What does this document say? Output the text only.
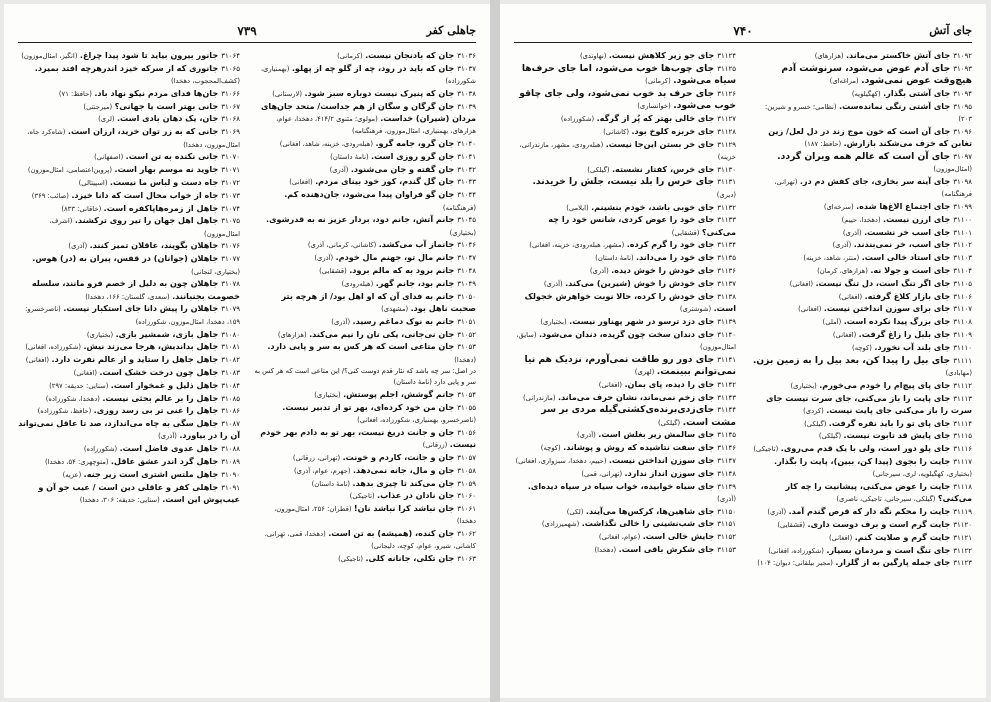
جاهلی کفر
۷۳۹

۳۱۰۳۶جان که بادنجان نیست. (کرمانی)

۳۱۰۳۷جان که باید در رود، چه از گلو چه از پهلو. (بهمنیاری، شکورزاده)

۳۱۰۳۸جان که پنیرک نیست دوباره سبز شود. (لارستانی)

۳۱۰۳۹جان گرگان و سگان از هم جداست/ متحد جان‌های مردان (شیران) خداست. (مولوی؛ مثنوی ۴۱۴/۲، دهخدا، عوام، هزارهای، بهمنیاری، امثال‌موزون، فرهنگنامه)

۳۱۰۴۰جان گرو، جامه گرو. (هبله‌رودی، خزینه، شاهد، افغانی)

۳۱۰۴۱جان گرو روزی است. (نامهٔ داستان)

۳۱۰۴۲جان گفته و جان می‌شنود. (آذری)

۳۱۰۴۳جان گل گندم، کور خود بینای مردم. (افغانی)

۳۱۰۴۴جان گو فراوان پیدا می‌شود، جان‌دهنده کم. (فرهنگنامه)

۳۱۰۴۵جانم آتش، جانم دود، بردار عزیز نه به قدرشوی. (بختیاری)

۳۱۰۴۶جانماز آب می‌کشد. (کاشانی، کرمانی، آذری)

۳۱۰۴۷جانم مال تو، جهنم مال خودم. (آذری)

۳۱۰۴۸جانم برود به که مالم برود. (قشقایی)

۳۱۰۴۹جانم بود، جانم گهر. (هبله‌رودی)

۳۱۰۵۰جانم به فدای آن که او اهل بود/ از هرچه بتر صحبت ناهل بود. (مشهدی)

۳۱۰۵۱جانم به نوک دماغم رسید. (آذری)

۳۱۰۵۲جان نی‌جانی، یکی نان را نیم می‌کند. (هزارهای)

۳۱۰۵۳جان متاعی است که هر کس به سر و پایی دارد. (دهخدا)

در اصل: سر چه باشد که نثار قدم دوست کنی؟/ این متاعی است که هر کس به سر و پایی دارد (نامهٔ داستان)

۳۱۰۵۴جانم گوشش، اجلم پوستش. (بختیاری)

۳۱۰۵۵جان من خود کرده‌ای، بهر تو از تدبیر نیست. (ناصرخسرو، بهمنیاری، شکورزاده، افغانی)

۳۱۰۵۶جان و جانت دریغ نیست، بهر تو به دادم بهر خودم نیست. (زرقانی)

۳۱۰۵۷جان و جانت، کاردم و خونت. (تهرانی، زرقانی)

۳۱۰۵۸جان و مال، جانه نمی‌دهد. (جهرم، عوام، آذری)

۳۱۰۵۹جان می‌کند تا چیزی بدهد. (نامهٔ داستان)

۳۱۰۶۰جان نادان در عذاب. (تاجیکی)

۳۱۰۶۱جان نباشد کرا نباشد نان! (قطران: ۲۵۶، امثال‌موزون، دهخدا)

۳۱۰۶۲جان کنده، (همیشه) به تن است. (دهخدا، قمی، تهرانی، کاشانی، شیرو، عوام، کوچه، دلیجانی)

۳۱۰۶۳جان تکلی، جانانه کلی. (تاجیکی)

۳۱۰۶۴جانور بیرون بیاید تا شود پیدا چراغ. (انگیز، امثال‌موزون)

۳۱۰۶۵جانوری که از سرکه خیزد اندرهرچه افتد بمیرد. (کشف‌المحجوب، دهخدا)

۳۱۰۶۶جان‌ها فدای مردم نیکو نهاد باد. (حافظ: ۷۱)

۳۱۰۶۷جانی بهتر است یا جهانی؟ (میرجنتی)

۳۱۰۶۸جان، یک دهان بادی است. (لری)

۳۱۰۶۹جانی که به زر توان خرید، ارزان است. (شاه‌کرد جاه، امثال‌موزون، دهخدا)

۳۱۰۷۰جانی نکنده به تن است. (اصفهانی)

۳۱۰۷۱جاوید نه موسم بهار است. (پروین‌اعتصامی، امثال‌موزون)

۳۱۰۷۲جاه دست و لباس ما نیست. (اسپیتالی)

۳۱۰۷۳جاه از خواب محال است که دانا خیزد. (صائب: ۳۶۹)

۳۱۰۷۴جاهل از زمره‌ها‌پاکفره است. (خاقانی: ۸۳۳)

۳۱۰۷۵جاهل اهل جهان را تیر روی ترکشند. (اشرف، امثال‌موزون)

۳۱۰۷۶جاهلان بگویند، عاقلان تمیز کنند. (آذری)

۳۱۰۷۷جاهلان (جوانان) در قفس، پیران به (در) هوس. (بختیاری، لنجانی)

۳۱۰۷۸جاهلان چون به دلیل از خصم فرو مانند، سلسله خصومت بجنبانند. (سعدی، گلستان: ۱۶۶، دهخدا)

۳۱۰۷۹جاهلان را پیش دانا جای استکبار نیست. (ناصرخسرو: ۱۵۹، دهخدا، امثال‌موزون، شکورزاده)

۳۱۰۸۰جاهل بازی، شمشیر بازی. (بختیاری)

۳۱۰۸۱جاهل بدانديش، هرجا می‌زند نیش. (شکورزاده، افغانی)

۳۱۰۸۲جاهل جاهل را ستاید و از عالم نفرت دارد. (افغانی)

۳۱۰۸۳جاهل چون درخت خشک است. (افغانی)

۳۱۰۸۴جاهل ذلیل و غمخوار است. (سنایی: حدیقه: ۲۹۷)

۳۱۰۸۵جاهل را بر عالم بحثی نیست. (دهخدا، شکورزاده)

۳۱۰۸۶جاهل را غنی تر بی رسد روزی. (حافظ، شکورزاده)

۳۱۰۸۷جاهل سگی به چاه می‌اندازد، صد تا عاقل نمی‌تواند آن را در بیاورد. (آذری)

۳۱۰۸۸جاهل عدوی فاضل است. (شکورزاده)

۳۱۰۸۹جاهل گرد اندر عشق عاقل. (منوچهری: ۵۴، دهخدا)

۳۱۰۹۰جاهل ملتس اشتری است زیر جنه. (عزیه)

۳۱۰۹۱جاهلی کفر و عاقلی دین است / عیب جو آن و عیب‌پوش این است. (سنایی: حدیقه: ۳۰۶، دهخدا)

جای آتش
۷۴۰

۳۱۰۹۲جای آتش خاکستر می‌ماند. (هزارهای)

۳۱۰۹۳جای آدم عوض می‌شود، سرنوشت آدم هیچ‌وقت عوض نمی‌شود. (مراغه‌ای)

۳۱۰۹۴جای آشتی بگذار. (کهگیلویه)

۳۱۰۹۵جای آشتی رنگی نمانده‌ست. (نظامی؛ خسرو و شیرین: ۲۰۳)

۳۱۰۹۶جای آن است که خون موج زند در دل لعل/ زین تغابن که خزف می‌شکند بازارش. (حافظ: ۱۸۷)

۳۱۰۹۷جای آن است که عالم همه ویران گردد. (امثال‌موزون)

۳۱۰۹۸جای آینه سر بخاری، جای کفش دم در. (تهرانی، فرهنگنامه)

۳۱۰۹۹جای اجتماع الاغ‌ها شده. (سرخه‌ای)

۳۱۱۰۰جای ارزن نیست. (دهخدا، حییم)

۳۱۱۰۱جای اسب خر نشست. (آذری)

۳۱۱۰۲جای اسب، خر نمی‌بندند. (آذری)

۳۱۱۰۳جای استاد خالی است. (منتر، شاهد، خزینه)

۳۱۱۰۴جای است و جولا نه. (هزارهای، کرمان)

۳۱۱۰۵جای اگر تنگ است، دل تنگ نیست. (افغانی)

۳۱۱۰۶جای بازار کلاغ گرفته. (افغانی)

۳۱۱۰۷جای برای سوزن انداختن نیست. (افغانی)

۳۱۱۰۸جای بزرگ پیدا نکرده است. (آملی)

۳۱۱۰۹جای بلبل را زاغ گرفت. (افغانی)

۳۱۱۱۰جای بلند آب نخورد. (کوچه)

۳۱۱۱۱جای بیل را پیدا کن، بعد بیل را به زمین بزن. (مهابادی)

۳۱۱۱۲جای پای پیچ‌ام را خودم می‌خورم. (بختیاری)

۳۱۱۱۳جای پایت را باز می‌کنی، جای سرت نیست جای سرت را باز می‌کنی جای پایت نیست. (کردی)

۳۱۱۱۴جای پای تو را باید نقره گرفت. (گیلکی)

۳۱۱۱۵جای پایش قد تابوت نیست. (گیلکی)

۳۱۱۱۶جای پلو دور است، ولی با یک قدم می‌روی. (تاجیکی)

۳۱۱۱۷جایت را بجوی (پیدا کن، ببین)، پایت را بگذار. (بختیاری، کهگیلویه، لری، سیرجانی)

۳۱۱۱۸جایت را عوض می‌کنی، پیشانیت را چه کار می‌کنی؟ (گیلکی، سیرجانی، تاجیکی، ناصری)

۳۱۱۱۹جایت را محکم نگه دار که قرص گندم آمد. (آذری)

۳۱۱۲۰جایت گرم است و برف دوست داری. (قشقایی)

۳۱۱۲۱جایت گرم و صلایت کنم. (افغانی)

۳۱۱۲۲جای تنگ است و مردمان بسیار. (شکورزاده، افغانی)

۳۱۱۲۳جای جمله پارگین به از گلزار. (مجیر بیلقانی: دیوان: ۱۰۴)

۳۱۱۲۴جای جو زیر کلاهش نیست. (نهاوندی)

۳۱۱۲۵جای چوب‌ها خوب می‌شود، اما جای حرف‌ها سیاه می‌شود. (کرمانی)

۳۱۱۲۶جای حرف بد خوب نمی‌شود، ولی جای چاقو خوب می‌شود. (خوانساری)

۳۱۱۲۷جای خالی بهتر که پُر از گرگه. (شکورزاده)

۳۱۱۲۸جای خربزه کلوخ بود. (کاشانی)

۳۱۱۲۹جای خر بستن این‌جا نیست. (هبله‌رودی، مشهر، مازندرانی، خزینه)

۳۱۱۳۰جای خرس، کفتار نشسته. (گیلکی)

۳۱۱۳۱جای خرس را بلد نیست، جلش را خریدند. (دیری)

۳۱۱۳۲جای خوبی باشد، خودم بنشینم. (ایلامی)

۳۱۱۳۳جای خود را عوض کردی، شانس خود را چه می‌کنی؟ (قشقایی)

۳۱۱۳۴جای خود را گرم کرده. (مشهر، هبله‌رودی، خزینه، افغانی)

۳۱۱۳۵جای خود را می‌داند. (نامهٔ داستان)

۳۱۱۳۶جای خودش را خوش دیده. (آذری)

۳۱۱۳۷جای خودش را خوش (شیرین) می‌کند. (آذری)

۳۱۱۳۸جای خودش را کرده، حالا نوبت خواهرش خجولک است. (شوشتری)

۳۱۱۳۹جای دزد ترسو در شهر پهناور نیست. (بختیاری)

۳۱۱۴۰جای دندان سخت چون گزیده، دندان می‌شود. (سایق، امثال‌موزون)

۳۱۱۴۱جای دور رو طاقت نمی‌آورم، نزدیک هم نیا نمی‌توانم ببینمت. (لهری)

۳۱۱۴۲جای را دیده، پای بمان. (افغانی)

۳۱۱۴۳جای زخم نمی‌ماند، نشان حرف می‌ماند. (مازندرانی)

۳۱۱۴۴جای‌زدی‌برنده‌ی‌کشتی‌گیله مردی بر سر مشت است. (گیلکی)

۳۱۱۴۵جای سالمش زیر بغلش است. (آذری)

۳۱۱۴۶جای سفت نتاشیده که روش و پوشاند. (کوچه)

۳۱۱۴۷جای سوزن انداختن نیست. (حییم، دهخدا، سبزواری، افغانی)

۳۱۱۴۸جای سوزن انداز ندارد. (تهرانی، قمی)

۳۱۱۴۹جای سیاه خوابیده، خواب سیاه در سیاه دیده‌ای. (آذری)

۳۱۱۵۰جای شاهین‌ها، کرکس‌ها می‌آیند. (لکی)

۳۱۱۵۱جای شب‌نشینی را خالی نگذاشت. (شهمیرزادی)

۳۱۱۵۲جایش خالی است. (عوام، افغانی)

۳۱۱۵۳جای شکرش باقی است. (دهخدا)
